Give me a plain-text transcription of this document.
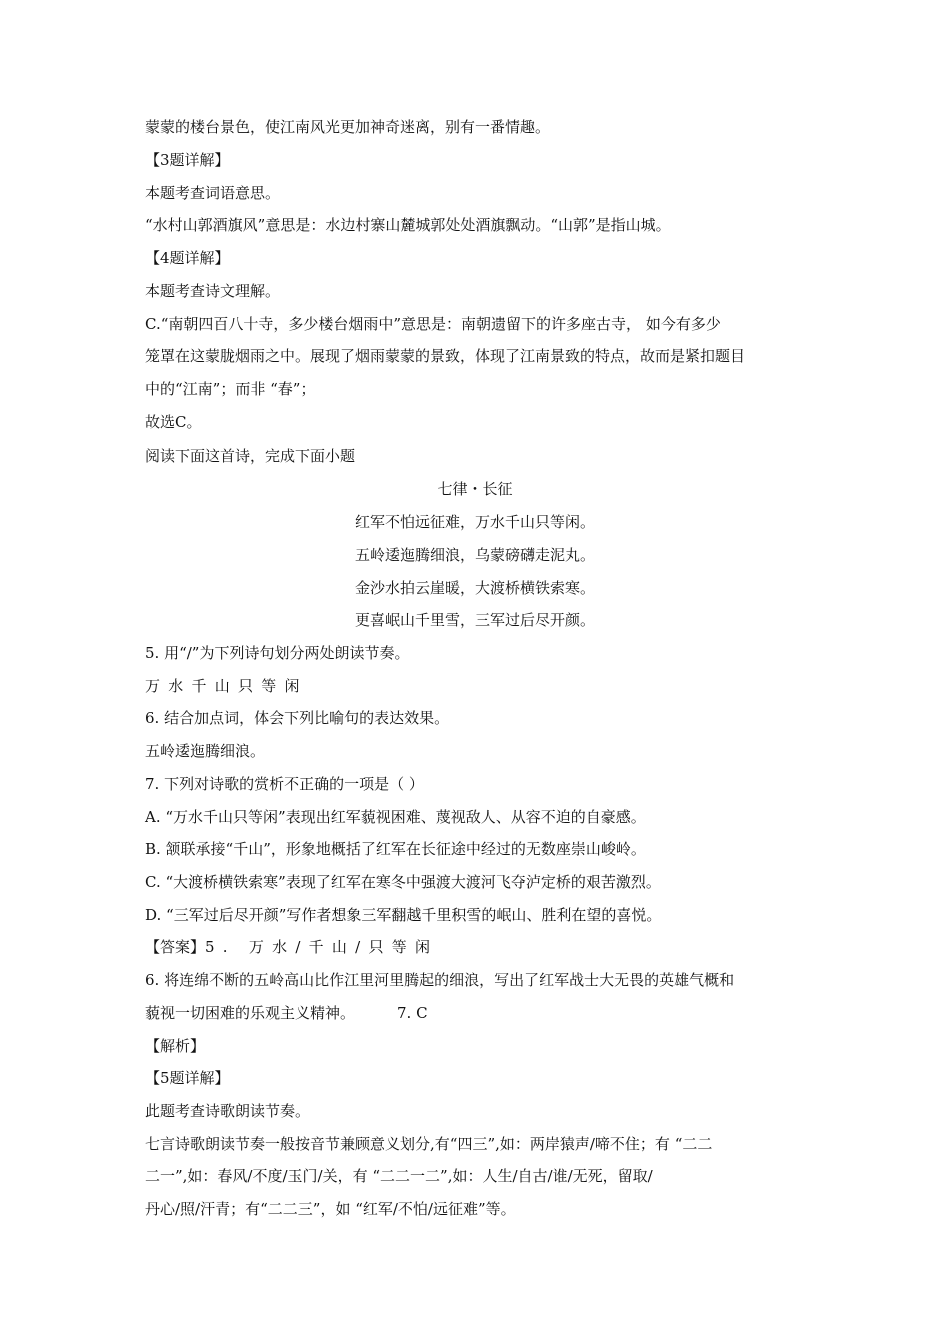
蒙蒙的楼台景色，使江南风光更加神奇迷离，别有一番情趣。
【3题详解】
本题考查词语意思。
“水村山郭酒旗风”意思是：水边村寨山麓城郭处处酒旗飘动。“山郭”是指山城。
【4题详解】
本题考查诗文理解。
C.“南朝四百八十寺，多少楼台烟雨中”意思是：南朝遗留下的许多座古寺， 如今有多少
笼罩在这蒙胧烟雨之中。展现了烟雨蒙蒙的景致，体现了江南景致的特点，故而是紧扣题目
中的“江南”；而非 “春”；
故选C。
阅读下面这首诗，完成下面小题
七律・长征
红军不怕远征难，万水千山只等闲。
五岭逶迤腾细浪，乌蒙磅礴走泥丸。
金沙水拍云崖暖，大渡桥横铁索寒。
更喜岷山千里雪，三军过后尽开颜。
5. 用“/”为下列诗句划分两处朗读节奏。
万水千山只等闲
6. 结合加点词，体会下列比喻句的表达效果。
五岭逶迤腾细浪。
7. 下列对诗歌的赏析不正确的一项是（ ）
A. “万水千山只等闲”表现出红军藐视困难、蔑视敌人、从容不迫的自豪感。
B. 颔联承接“千山”，形象地概括了红军在长征途中经过的无数座崇山峻岭。
C. “大渡桥横铁索寒”表现了红军在寒冬中强渡大渡河飞夺泸定桥的艰苦激烈。
D. “三军过后尽开颜”写作者想象三军翻越千里积雪的岷山、胜利在望的喜悦。
【答案】5. 万水/千山/只等闲
6. 将连绵不断的五岭高山比作江里河里腾起的细浪，写出了红军战士大无畏的英雄气概和
藐视一切困难的乐观主义精神。	7. C
【解析】
【5题详解】
此题考查诗歌朗读节奏。
七言诗歌朗读节奏一般按音节兼顾意义划分,有“四三”,如：两岸猿声/啼不住；有 “二二
二一”,如：春风/不度/玉门/关，有 “二二一二”,如：人生/自古/谁/无死，留取/
丹心/照/汗青；有“二二三”，如 “红军/不怕/远征难”等。
